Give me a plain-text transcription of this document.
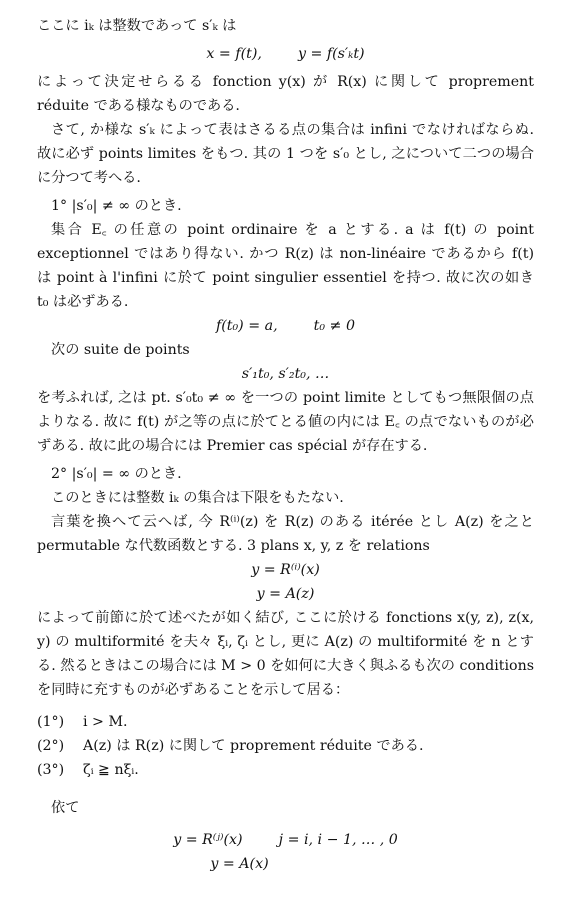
ここに iₖ は整数であって s′ₖ は

x = f(t),        y = f(s′ₖt)

によって決定せらるる fonction y(x) が R(x) に関して proprement réduite である様なものである.

さて, か様な s′ₖ によって表はさるる点の集合は infini でなければならぬ. 故に必ず points limites をもつ. 其の 1 つを s′₀ とし, 之について二つの場合に分つて考へる.

1° |s′₀| ≠ ∞ のとき.

集合 E꜀ の任意の point ordinaire を a とする. a は f(t) の point exceptionnel ではあり得ない. かつ R(z) は non-linéaire であるから f(t) は point à l'infini に於て point singulier essentiel を持つ. 故に次の如き t₀ は必ずある.

f(t₀) = a,        t₀ ≠ 0

次の suite de points

s′₁t₀, s′₂t₀, …

を考ふれば, 之は pt. s′₀t₀ ≠ ∞ を一つの point limite としてもつ無限個の点よりなる. 故に f(t) が之等の点に於てとる値の内には E꜀ の点でないものが必ずある. 故に此の場合には Premier cas spécial が存在する.

2° |s′₀| = ∞ のとき.

このときには整数 iₖ の集合は下限をもたない.

言葉を換へて云へば, 今 R⁽ⁱ⁾(z) を R(z) のある itérée とし A(z) を之と permutable な代数函数とする. 3 plans x, y, z を relations

y = R⁽ⁱ⁾(x)

y = A(z)

によって前節に於て述べたが如く結び, ここに於ける fonctions x(y, z), z(x, y) の multiformité を夫々 ξᵢ, ζᵢ とし, 更に A(z) の multiformité を n とする. 然るときはこの場合には M > 0 を如何に大きく與ふるも次の conditions を同時に充すものが必ずあることを示して居る：

(1°) i > M.

(2°) A(z) は R(z) に関して proprement réduite である.

(3°) ζᵢ ≧ nξᵢ.

依て

y = R⁽ʲ⁾(x)        j = i, i − 1, … , 0

y = A(x)
